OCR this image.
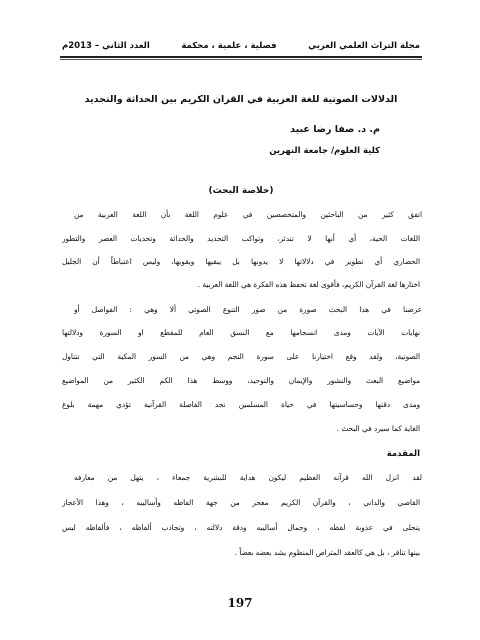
مجلة التراث العلمي العربي
فصلية ، علمية ، محكمة
العدد الثاني – 2013م
الدلالات الصوتية للغة العربية في القران الكريم بين الحداثة والتجديد
م. د. صفا رضا عبيد
كلية العلوم/ جامعة النهرين
(خلاصة البحث)
اتفق كثير من الباحثين والمتخصصين في علوم اللغة بأن اللغة العربية من
اللغات الحية، أي أنها لا تندثر، وتواكب التجديد والحداثة وتحديات العصر والتطور
الحضاري أي تطوير في دلالاتها لا يدوبها بل يبقيها ويقويها، وليس اعتباطاً أن الجليل
اختارها لغة القرآن الكريم، فأقوى لغة تحفظ هذه الفكرة هي اللغة العربية .
عرضنا في هذا البحث صورة من صور التنوع الصوتي ألا وهي : الفواصل أو
نهايات الآيات ومدى انسجامها مع النسق العام للمقطع او السورة ودلالتها
الصوتية، ولقد وقع اختيارنا على سورة النجم وهي من السور المكية التي تتناول
مواضيع البعث والنشور والإيمان والتوحيد، ووسط هذا الكم الكثير من المواضيع
ومدى دقتها وحساسيتها في حياة المسلمين نجد الفاصلة القرآنية تؤدي مهمة بلوغ
الغاية كما سيرد في البحث .
المقدمة
لقد انزل الله قرآنه العظيم ليكون هداية للبشرية جمعاء ، يتهل من معارفه
القاصي والداني ، والقرآن الكريم معجز من جهة الفاظه وأساليبه ، وهذا الأعجاز
يتجلى في عذوبة لفظه ، وجمال أساليبه ودقة دلالته ، وتجاذب ألفاظه ، فألفاظه ليس
بينها تنافر ، بل هي كالعقد المتراص المنظوم يشد بعضه بعضاً .
197
